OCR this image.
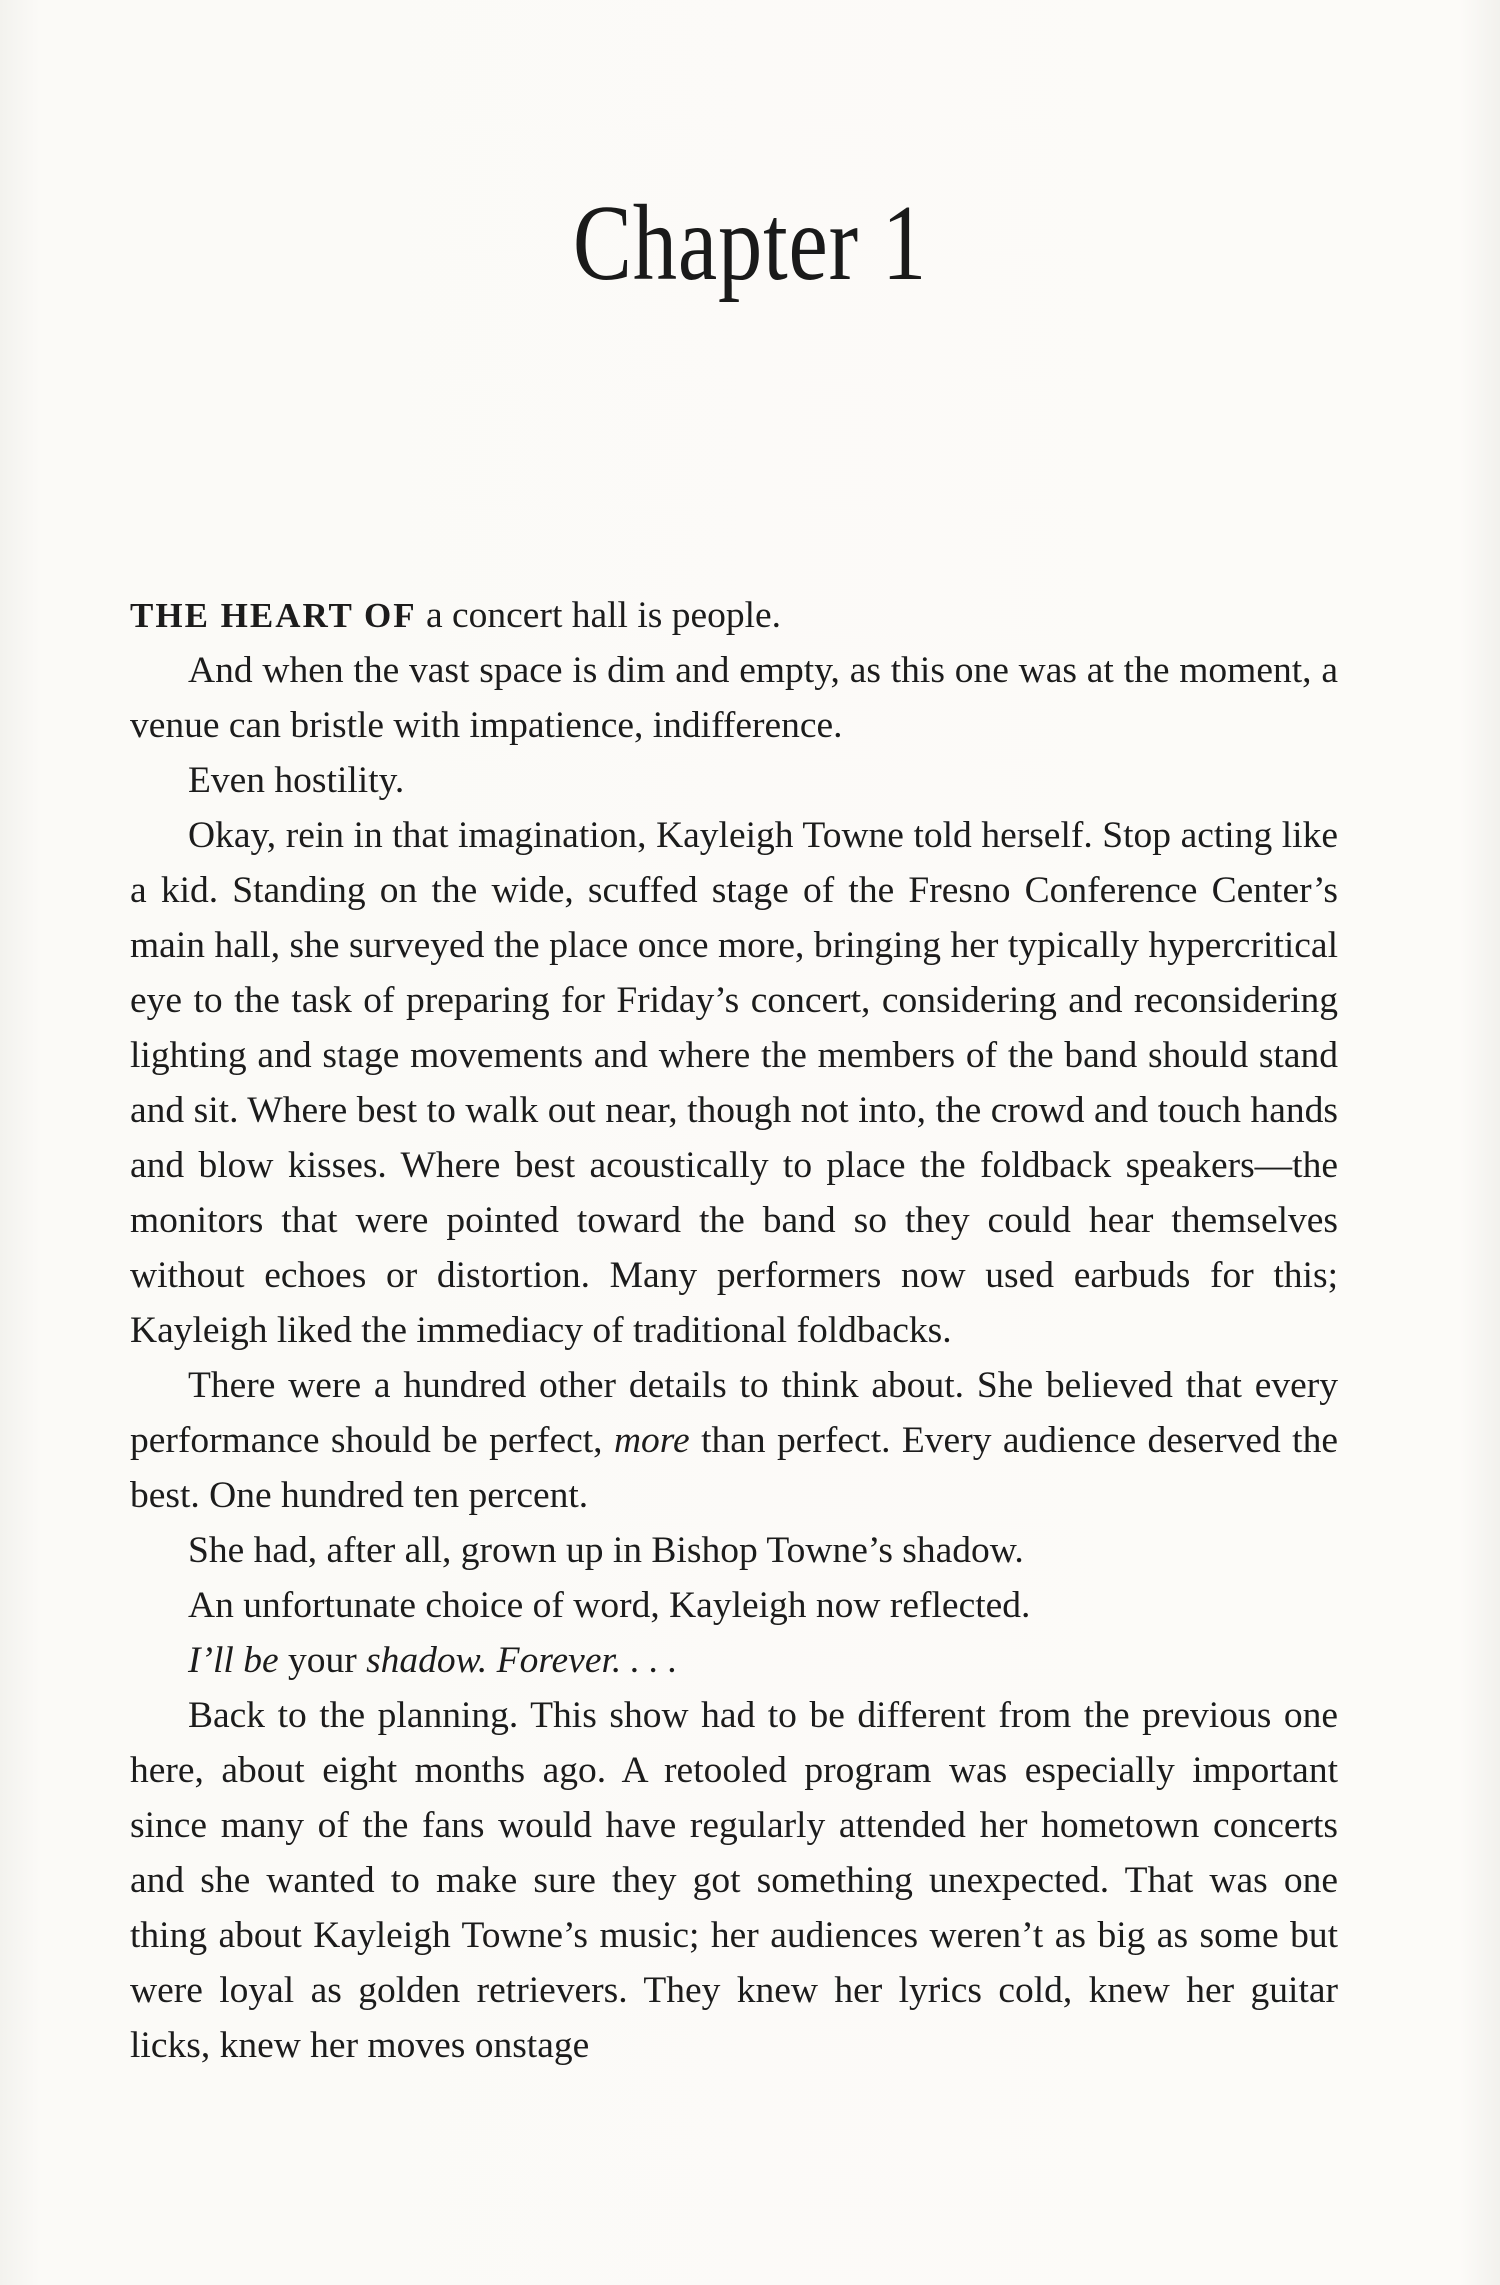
Chapter 1

THE HEART OF a concert hall is people.

And when the vast space is dim and empty, as this one was at the moment, a venue can bristle with impatience, indifference.

Even hostility.

Okay, rein in that imagination, Kayleigh Towne told herself. Stop acting like a kid. Standing on the wide, scuffed stage of the Fresno Conference Center’s main hall, she surveyed the place once more, bringing her typically hypercritical eye to the task of preparing for Friday’s concert, considering and reconsidering lighting and stage movements and where the members of the band should stand and sit. Where best to walk out near, though not into, the crowd and touch hands and blow kisses. Where best acoustically to place the foldback speakers—the monitors that were pointed toward the band so they could hear themselves without echoes or distortion. Many performers now used earbuds for this; Kayleigh liked the immediacy of traditional foldbacks.

There were a hundred other details to think about. She believed that every performance should be perfect, more than perfect. Every audience deserved the best. One hundred ten percent.

She had, after all, grown up in Bishop Towne’s shadow.

An unfortunate choice of word, Kayleigh now reflected.

I’ll be your shadow. Forever. . . .

Back to the planning. This show had to be different from the previous one here, about eight months ago. A retooled program was especially important since many of the fans would have regularly attended her hometown concerts and she wanted to make sure they got something unexpected. That was one thing about Kayleigh Towne’s music; her audiences weren’t as big as some but were loyal as golden retrievers. They knew her lyrics cold, knew her guitar licks, knew her moves onstage
